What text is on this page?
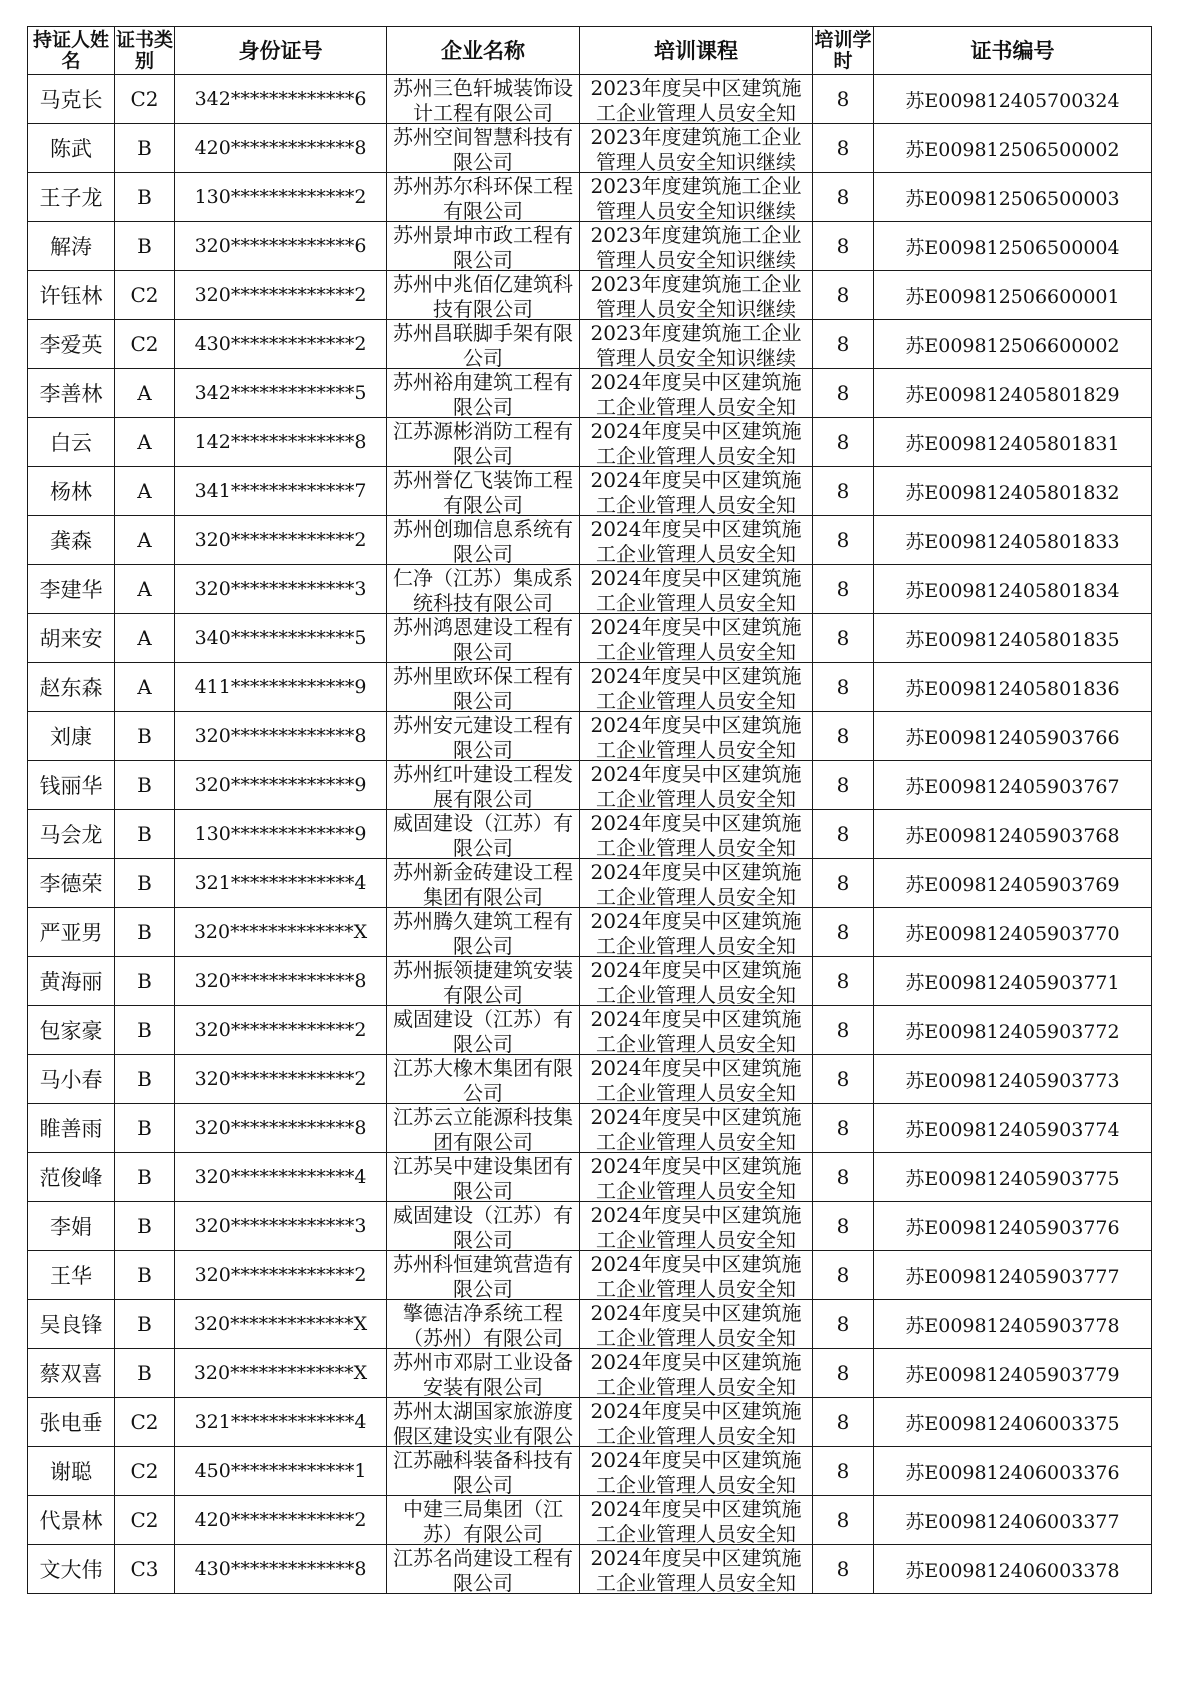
持证人姓名	证书类别	身份证号	企业名称	培训课程	培训学时	证书编号
马克长	C2	342*************6	苏州三色轩城装饰设计工程有限公司	2023年度吴中区建筑施工企业管理人员安全知	8	苏E009812405700324
陈武	B	420*************8	苏州空间智慧科技有限公司	2023年度建筑施工企业管理人员安全知识继续	8	苏E009812506500002
王子龙	B	130*************2	苏州苏尔科环保工程有限公司	2023年度建筑施工企业管理人员安全知识继续	8	苏E009812506500003
解涛	B	320*************6	苏州景坤市政工程有限公司	2023年度建筑施工企业管理人员安全知识继续	8	苏E009812506500004
许钰林	C2	320*************2	苏州中兆佰亿建筑科技有限公司	2023年度建筑施工企业管理人员安全知识继续	8	苏E009812506600001
李爱英	C2	430*************2	苏州昌联脚手架有限公司	2023年度建筑施工企业管理人员安全知识继续	8	苏E009812506600002
李善林	A	342*************5	苏州裕甪建筑工程有限公司	2024年度吴中区建筑施工企业管理人员安全知	8	苏E009812405801829
白云	A	142*************8	江苏源彬消防工程有限公司	2024年度吴中区建筑施工企业管理人员安全知	8	苏E009812405801831
杨林	A	341*************7	苏州誉亿飞装饰工程有限公司	2024年度吴中区建筑施工企业管理人员安全知	8	苏E009812405801832
龚森	A	320*************2	苏州创珈信息系统有限公司	2024年度吴中区建筑施工企业管理人员安全知	8	苏E009812405801833
李建华	A	320*************3	仁净（江苏）集成系统科技有限公司	2024年度吴中区建筑施工企业管理人员安全知	8	苏E009812405801834
胡来安	A	340*************5	苏州鸿恩建设工程有限公司	2024年度吴中区建筑施工企业管理人员安全知	8	苏E009812405801835
赵东森	A	411*************9	苏州里欧环保工程有限公司	2024年度吴中区建筑施工企业管理人员安全知	8	苏E009812405801836
刘康	B	320*************8	苏州安元建设工程有限公司	2024年度吴中区建筑施工企业管理人员安全知	8	苏E009812405903766
钱丽华	B	320*************9	苏州红叶建设工程发展有限公司	2024年度吴中区建筑施工企业管理人员安全知	8	苏E009812405903767
马会龙	B	130*************9	威固建设（江苏）有限公司	2024年度吴中区建筑施工企业管理人员安全知	8	苏E009812405903768
李德荣	B	321*************4	苏州新金砖建设工程集团有限公司	2024年度吴中区建筑施工企业管理人员安全知	8	苏E009812405903769
严亚男	B	320*************X	苏州腾久建筑工程有限公司	2024年度吴中区建筑施工企业管理人员安全知	8	苏E009812405903770
黄海丽	B	320*************8	苏州振领捷建筑安装有限公司	2024年度吴中区建筑施工企业管理人员安全知	8	苏E009812405903771
包家豪	B	320*************2	威固建设（江苏）有限公司	2024年度吴中区建筑施工企业管理人员安全知	8	苏E009812405903772
马小春	B	320*************2	江苏大橡木集团有限公司	2024年度吴中区建筑施工企业管理人员安全知	8	苏E009812405903773
睢善雨	B	320*************8	江苏云立能源科技集团有限公司	2024年度吴中区建筑施工企业管理人员安全知	8	苏E009812405903774
范俊峰	B	320*************4	江苏吴中建设集团有限公司	2024年度吴中区建筑施工企业管理人员安全知	8	苏E009812405903775
李娟	B	320*************3	威固建设（江苏）有限公司	2024年度吴中区建筑施工企业管理人员安全知	8	苏E009812405903776
王华	B	320*************2	苏州科恒建筑营造有限公司	2024年度吴中区建筑施工企业管理人员安全知	8	苏E009812405903777
吴良锋	B	320*************X	擎德洁净系统工程（苏州）有限公司	2024年度吴中区建筑施工企业管理人员安全知	8	苏E009812405903778
蔡双喜	B	320*************X	苏州市邓尉工业设备安装有限公司	2024年度吴中区建筑施工企业管理人员安全知	8	苏E009812405903779
张电垂	C2	321*************4	苏州太湖国家旅游度假区建设实业有限公	2024年度吴中区建筑施工企业管理人员安全知	8	苏E009812406003375
谢聪	C2	450*************1	江苏融科装备科技有限公司	2024年度吴中区建筑施工企业管理人员安全知	8	苏E009812406003376
代景林	C2	420*************2	中建三局集团（江苏）有限公司	2024年度吴中区建筑施工企业管理人员安全知	8	苏E009812406003377
文大伟	C3	430*************8	江苏名尚建设工程有限公司	2024年度吴中区建筑施工企业管理人员安全知	8	苏E009812406003378
